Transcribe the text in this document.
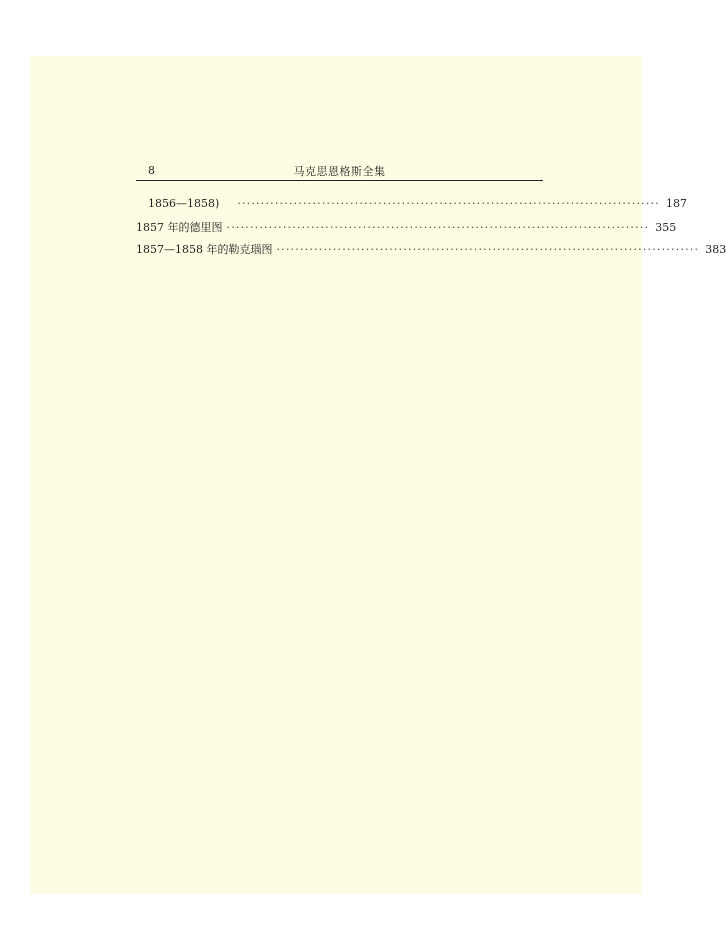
8	马克思恩格斯全集
1856—1858)	·························································································· 187
1857 年的德里图 ·························································································· 355
1857—1858 年的勒克瑙图 ·························································································· 383
